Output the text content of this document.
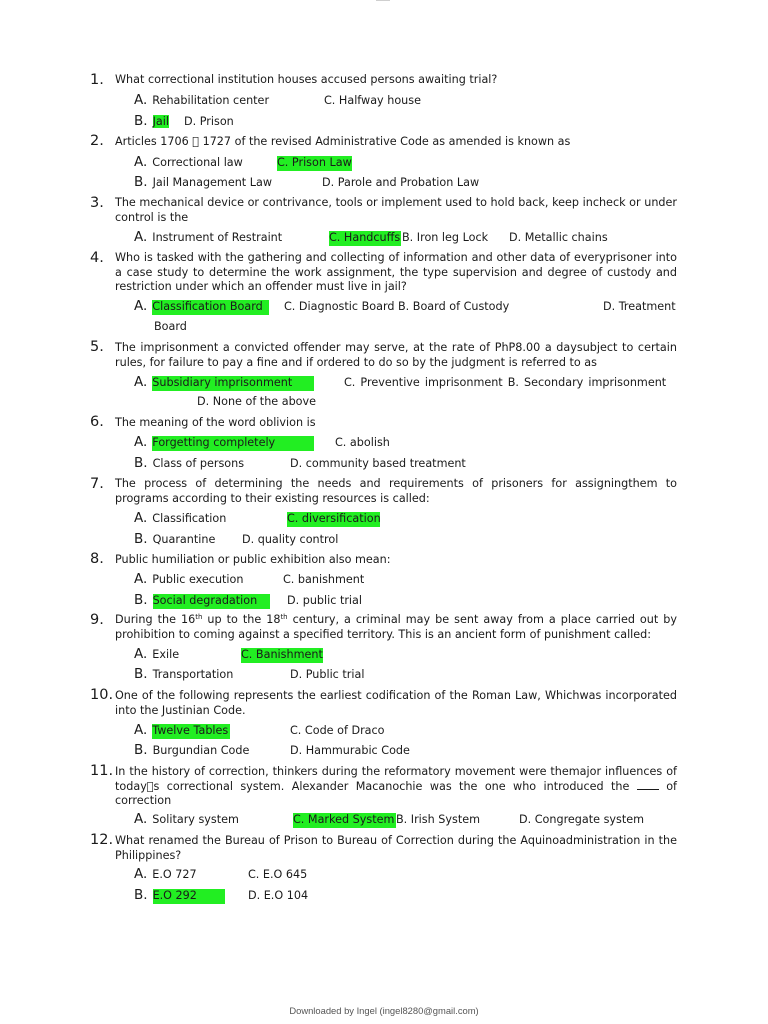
1. What correctional institution houses accused persons awaiting trial?
A. Rehabilitation center	C. Halfway house
B. Jail D. Prison
2. Articles 1706   1727 of the revised Administrative Code as amended is known as
A. Correctional law	C. Prison Law
B. Jail Management Law	D. Parole and Probation Law
3. The mechanical device or contrivance, tools or implement used to hold back, keep incheck or under control is the
A. Instrument of Restraint	C. Handcuffs B. Iron leg Lock D. Metallic chains
4. Who is tasked with the gathering and collecting of information and other data of everyprisoner into a case study to determine the work assignment, the type supervision and degree of custody and restriction under which an offender must live in jail?
A. Classification Board	C. Diagnostic Board B. Board of Custody	D. Treatment
Board
5. The imprisonment a convicted offender may serve, at the rate of PhP8.00 a daysubject to certain rules, for failure to pay a fine and if ordered to do so by the judgment is referred to as
A. Subsidiary imprisonment	C. Preventive imprisonment B. Secondary imprisonment
D. None of the above
6. The meaning of the word oblivion is
A. Forgetting completely	C. abolish
B. Class of persons	D. community based treatment
7. The process of determining the needs and requirements of prisoners for assigningthem to programs according to their existing resources is called:
A. Classification	C. diversification
B. Quarantine D. quality control
8. Public humiliation or public exhibition also mean:
A. Public execution	C. banishment
B. Social degradation	D. public trial
9. During the 16th up to the 18th century, a criminal may be sent away from a place carried out by prohibition to coming against a specified territory. This is an ancient form of punishment called:
A. Exile	C. Banishment
B. Transportation	D. Public trial
10. One of the following represents the earliest codification of the Roman Law, Whichwas incorporated into the Justinian Code.
A. Twelve Tables	C. Code of Draco
B. Burgundian Code	D. Hammurabic Code
11. In the history of correction, thinkers during the reformatory movement were themajor influences of today s correctional system. Alexander Macanochie was the one who introduced the  of correction
A. Solitary system	C. Marked System B. Irish System	D. Congregate system
12. What renamed the Bureau of Prison to Bureau of Correction during the Aquinoadministration in the Philippines?
A. E.O 727	C. E.O 645
B. E.O 292	D. E.O 104
Downloaded by Ingel (ingel8280@gmail.com)
